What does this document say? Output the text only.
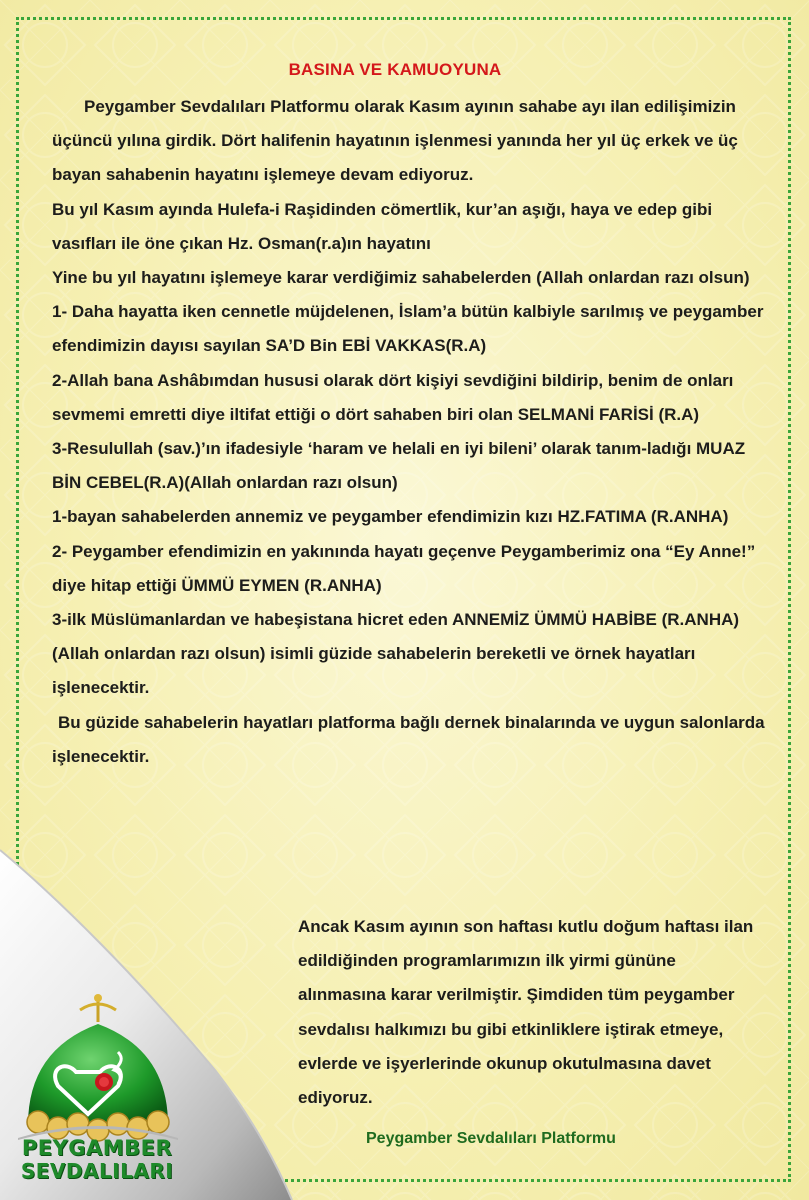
BASINA VE KAMUOYUNA

Peygamber Sevdalıları Platformu olarak Kasım ayının sahabe ayı ilan edilişimizin üçüncü yılına girdik. Dört halifenin hayatının işlenmesi yanında her yıl üç erkek ve üç bayan sahabenin hayatını işlemeye devam ediyoruz.

Bu yıl Kasım ayında Hulefa-i Raşidinden cömertlik, kur’an aşığı, haya ve edep gibi vasıfları ile öne çıkan Hz. Osman(r.a)ın hayatını

Yine bu yıl hayatını işlemeye karar verdiğimiz sahabelerden (Allah onlardan razı olsun)

1- Daha hayatta iken cennetle müjdelenen, İslam’a bütün kalbiyle sarılmış ve peygamber efendimizin dayısı sayılan SA’D Bin EBİ VAKKAS(R.A)

2-Allah bana Ashâbımdan hususi olarak dört kişiyi sevdiğini bildirip, benim de onları sevmemi emretti diye iltifat ettiği o dört sahaben biri olan SELMANİ FARİSİ (R.A)

3-Resulullah (sav.)’ın ifadesiyle ‘haram ve helali en iyi bileni’ olarak tanım-ladığı MUAZ BİN CEBEL(R.A)(Allah onlardan razı olsun)

1-bayan sahabelerden annemiz ve peygamber efendimizin kızı HZ.FATIMA (R.ANHA)

2- Peygamber efendimizin en yakınında hayatı geçenve Peygamberimiz ona “Ey Anne!” diye hitap ettiği ÜMMÜ EYMEN (R.ANHA)

3-ilk Müslümanlardan ve habeşistana hicret eden ANNEMİZ ÜMMÜ HABİBE (R.ANHA) (Allah onlardan razı olsun) isimli güzide sahabelerin bereketli ve örnek hayatları işlenecektir.

Bu güzide sahabelerin hayatları platforma bağlı dernek binalarında ve uygun salonlarda işlenecektir.

PEYGAMBER
SEVDALILARI
Ancak Kasım ayının son haftası kutlu doğum haftası ilan edildiğinden programlarımızın ilk yirmi gününe alınmasına karar verilmiştir. Şimdiden tüm peygamber sevdalısı halkımızı bu gibi etkinliklere iştirak etmeye, evlerde ve işyerlerinde okunup okutulmasına davet ediyoruz.
Peygamber Sevdalıları Platformu
